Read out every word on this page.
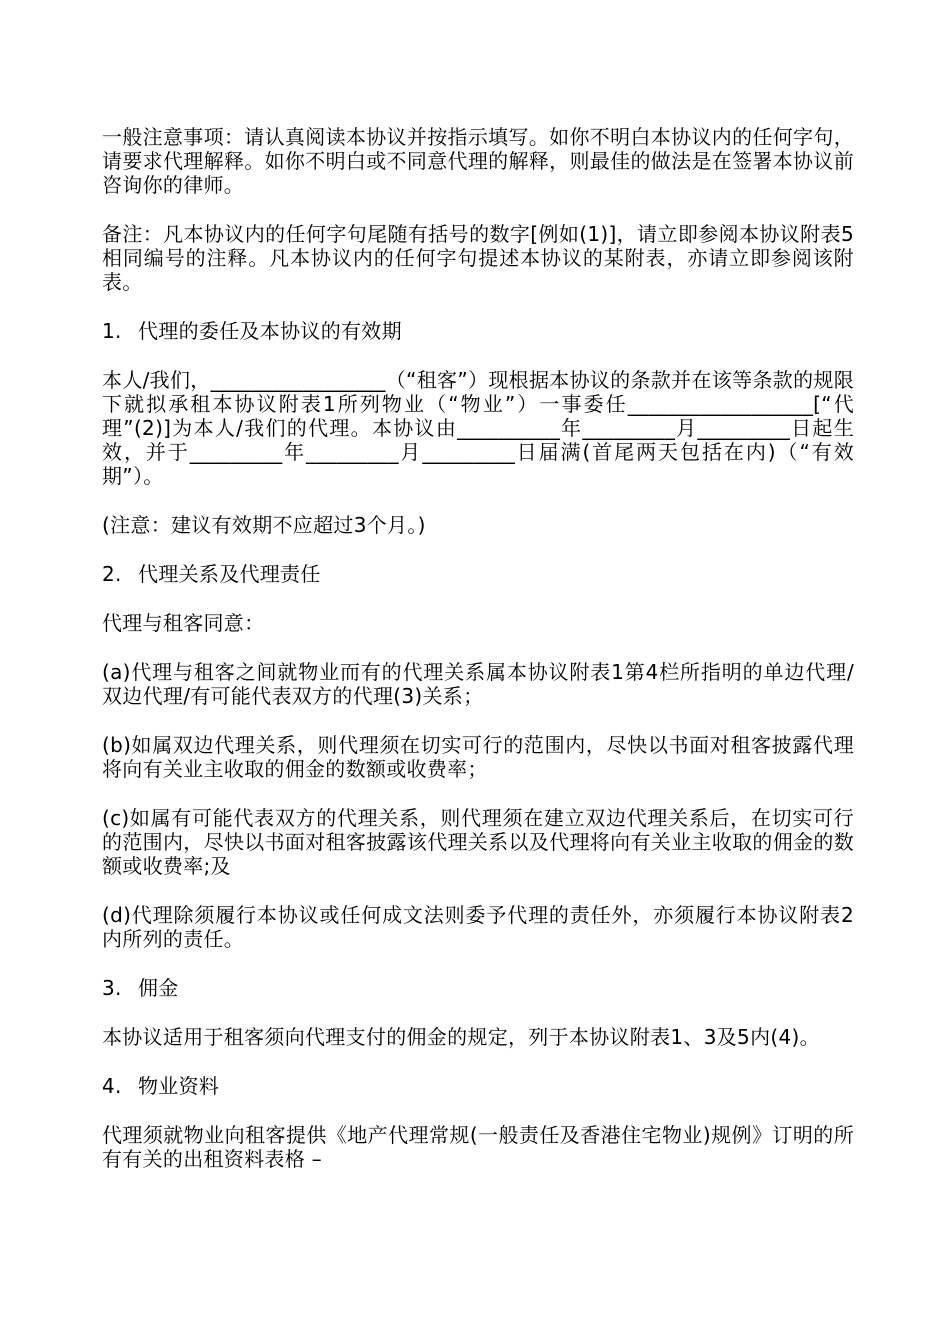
一般注意事项：请认真阅读本协议并按指示填写。如你不明白本协议内的任何字句，请要求代理解释。如你不明白或不同意代理的解释，则最佳的做法是在签署本协议前咨询你的律师。

备注：凡本协议内的任何字句尾随有括号的数字[例如(1)]，请立即参阅本协议附表5相同编号的注释。凡本协议内的任何字句提述本协议的某附表，亦请立即参阅该附表。

1. 代理的委任及本协议的有效期

本人/我们，_________________（“租客”）现根据本协议的条款并在该等条款的规限下就拟承租本协议附表1所列物业（“物业”）一事委任__________________[“代理”(2)]为本人/我们的代理。本协议由__________年_________月_________日起生效，并于_________年_________月_________日届满(首尾两天包括在内)（“有效期”）。

(注意：建议有效期不应超过3个月。)

2. 代理关系及代理责任

代理与租客同意：

(a)代理与租客之间就物业而有的代理关系属本协议附表1第4栏所指明的单边代理/双边代理/有可能代表双方的代理(3)关系；

(b)如属双边代理关系，则代理须在切实可行的范围内，尽快以书面对租客披露代理将向有关业主收取的佣金的数额或收费率；

(c)如属有可能代表双方的代理关系，则代理须在建立双边代理关系后，在切实可行的范围内，尽快以书面对租客披露该代理关系以及代理将向有关业主收取的佣金的数额或收费率;及

(d)代理除须履行本协议或任何成文法则委予代理的责任外，亦须履行本协议附表2内所列的责任。

3. 佣金

本协议适用于租客须向代理支付的佣金的规定，列于本协议附表1、3及5内(4)。

4. 物业资料

代理须就物业向租客提供《地产代理常规(一般责任及香港住宅物业)规例》订明的所有有关的出租资料表格 –
